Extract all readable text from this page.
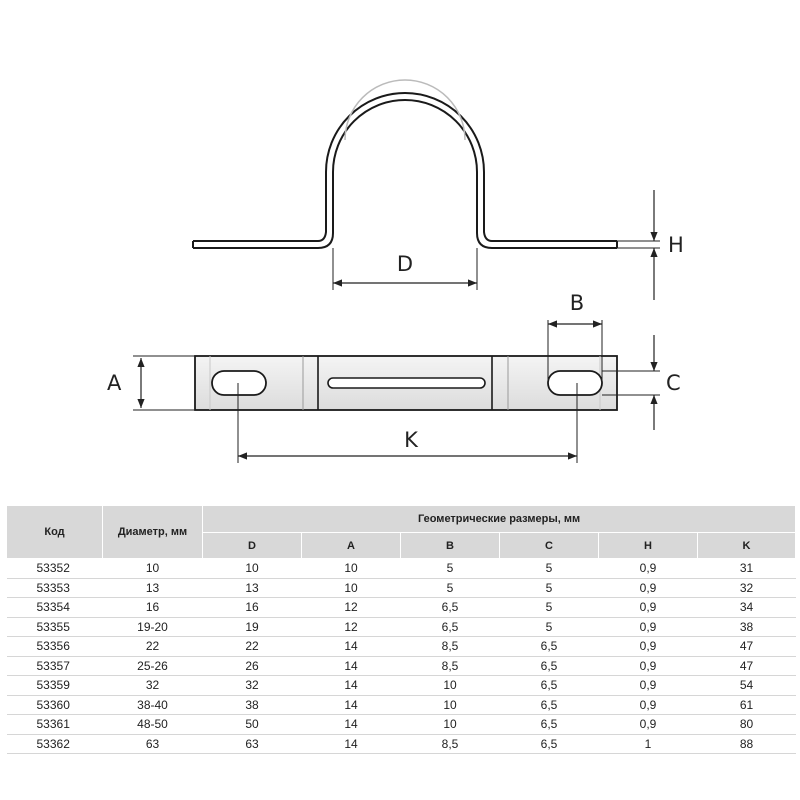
D
H
A
B
C
K
Код	Диаметр, мм	Геометрические размеры, мм					
		D	A	B	C	H	K
53352	10	10	10	5	5	0,9	31
53353	13	13	10	5	5	0,9	32
53354	16	16	12	6,5	5	0,9	34
53355	19-20	19	12	6,5	5	0,9	38
53356	22	22	14	8,5	6,5	0,9	47
53357	25-26	26	14	8,5	6,5	0,9	47
53359	32	32	14	10	6,5	0,9	54
53360	38-40	38	14	10	6,5	0,9	61
53361	48-50	50	14	10	6,5	0,9	80
53362	63	63	14	8,5	6,5	1	88
